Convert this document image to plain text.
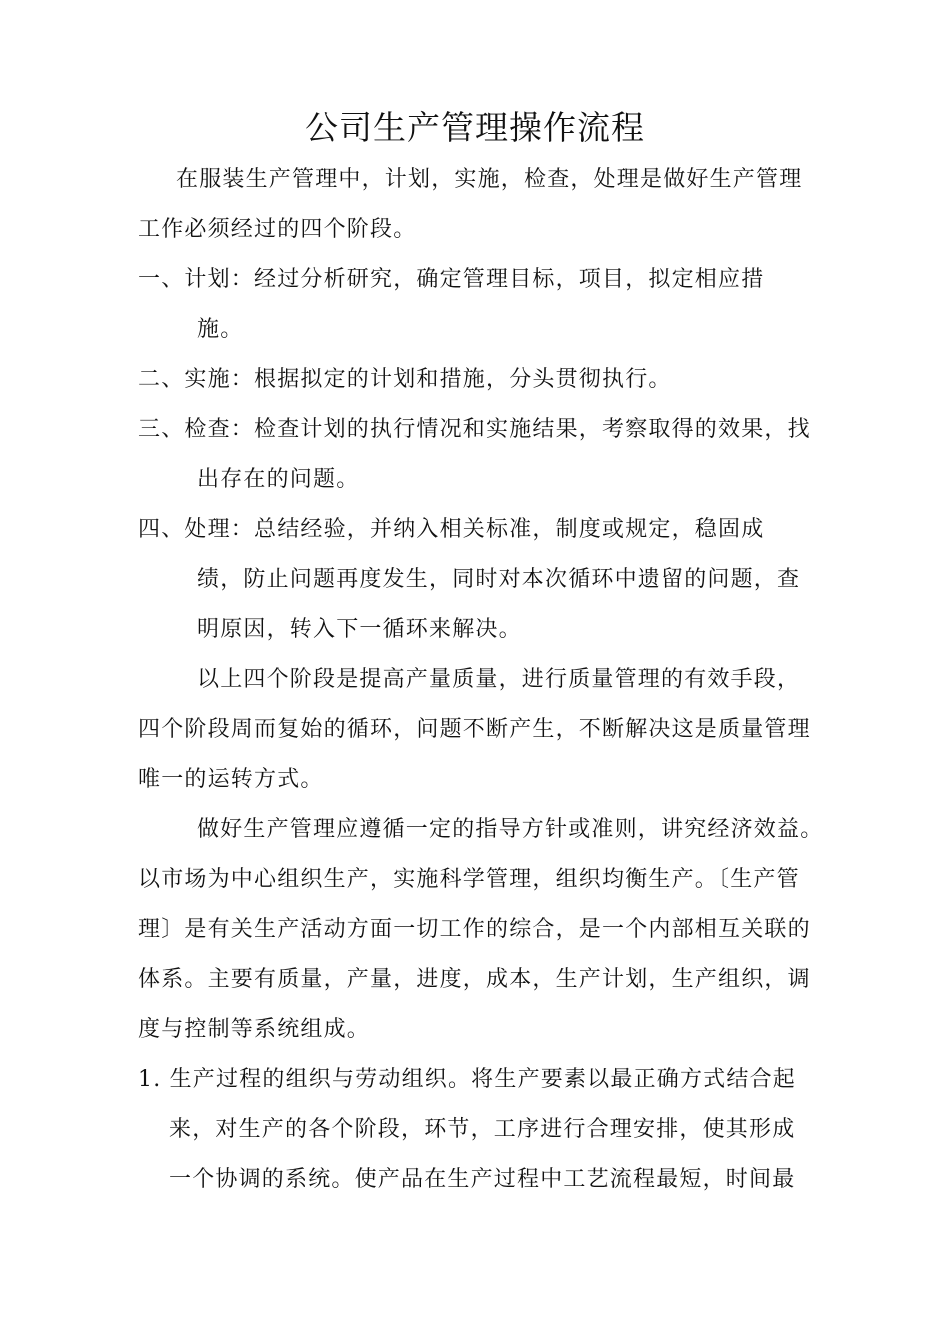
公司生产管理操作流程
在服装生产管理中，计划，实施，检查，处理是做好生产管理
工作必须经过的四个阶段。
一、计划：经过分析研究，确定管理目标，项目，拟定相应措
施。
二、实施：根据拟定的计划和措施，分头贯彻执行。
三、检查：检查计划的执行情况和实施结果，考察取得的效果，找
出存在的问题。
四、处理：总结经验，并纳入相关标准，制度或规定，稳固成
绩，防止问题再度发生，同时对本次循环中遗留的问题，查
明原因，转入下一循环来解决。
以上四个阶段是提高产量质量，进行质量管理的有效手段，
四个阶段周而复始的循环，问题不断产生，不断解决这是质量管理
唯一的运转方式。
做好生产管理应遵循一定的指导方针或准则，讲究经济效益。
以市场为中心组织生产，实施科学管理，组织均衡生产。〔生产管
理〕是有关生产活动方面一切工作的综合，是一个内部相互关联的
体系。主要有质量，产量，进度，成本，生产计划，生产组织，调
度与控制等系统组成。
1. 生产过程的组织与劳动组织。将生产要素以最正确方式结合起
来，对生产的各个阶段，环节，工序进行合理安排，使其形成
一个协调的系统。使产品在生产过程中工艺流程最短，时间最
